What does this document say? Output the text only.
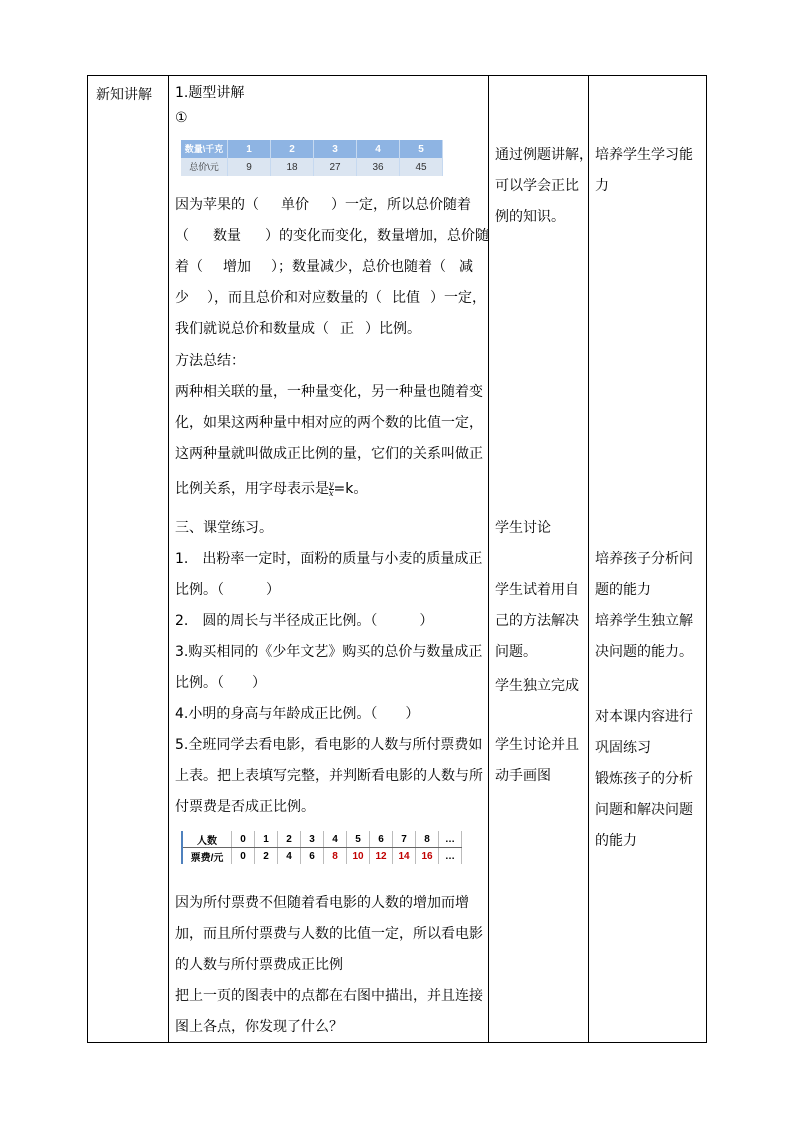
新知讲解 1.题型讲解
①
数量\千克	1	2	3	4	5
总价\元	9	18	27	36	45
因为苹果的（ 单价 ）一定，所以总价随着
（ 数量 ）的变化而变化，数量增加，总价随
着（ 增加 ）；数量减少，总价也随着（ 减
少 ），而且总价和对应数量的（ 比值 ）一定，
我们就说总价和数量成（ 正 ）比例。
方法总结：
两种相关联的量，一种量变化，另一种量也随着变
化，如果这两种量中相对应的两个数的比值一定，
这两种量就叫做成正比例的量，它们的关系叫做正
比例关系，用字母表示是 $\frac{y}{x} =k$。
三、课堂练习。
1.　出粉率一定时，面粉的质量与小麦的质量成正
比例。（　　　）
2.　圆的周长与半径成正比例。（　　　）
3.购买相同的《少年文艺》购买的总价与数量成正
比例。（　　）
4.小明的身高与年龄成正比例。（　　）
5.全班同学去看电影，看电影的人数与所付票费如
上表。把上表填写完整，并判断看电影的人数与所
付票费是否成正比例。
人数	0	1	2	3	4	5	6	7	8	…
票费/元	0	2	4	6	8	10	12	14	16	…
因为所付票费不但随着看电影的人数的增加而增
加，而且所付票费与人数的比值一定，所以看电影
的人数与所付票费成正比例
把上一页的图表中的点都在右图中描出，并且连接
图上各点，你发现了什么？
通过例题讲解，
可以学会正比
例的知识。
学生讨论
学生试着用自
己的方法解决
问题。
学生独立完成
学生讨论并且
动手画图
培养学生学习能
力
培养孩子分析问
题的能力
培养学生独立解
决问题的能力。
对本课内容进行
巩固练习
锻炼孩子的分析
问题和解决问题
的能力
